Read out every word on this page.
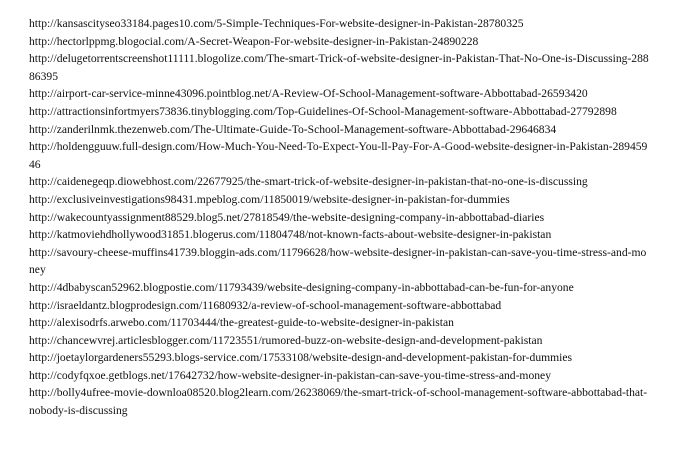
http://kansascityseo33184.pages10.com/5-Simple-Techniques-For-website-designer-in-Pakistan-28780325
http://hectorlppmg.blogocial.com/A-Secret-Weapon-For-website-designer-in-Pakistan-24890228
http://delugetorrentscreenshot11111.blogolize.com/The-smart-Trick-of-website-designer-in-Pakistan-That-No-One-is-Discussing-28886395
http://airport-car-service-minne43096.pointblog.net/A-Review-Of-School-Management-software-Abbottabad-26593420
http://attractionsinfortmyers73836.tinyblogging.com/Top-Guidelines-Of-School-Management-software-Abbottabad-27792898
http://zanderilnmk.thezenweb.com/The-Ultimate-Guide-To-School-Management-software-Abbottabad-29646834
http://holdengguuw.full-design.com/How-Much-You-Need-To-Expect-You-ll-Pay-For-A-Good-website-designer-in-Pakistan-28945946
http://caidenegeqp.diowebhost.com/22677925/the-smart-trick-of-website-designer-in-pakistan-that-no-one-is-discussing
http://exclusiveinvestigations98431.mpeblog.com/11850019/website-designer-in-pakistan-for-dummies
http://wakecountyassignment88529.blog5.net/27818549/the-website-designing-company-in-abbottabad-diaries
http://katmoviehdhollywood31851.blogerus.com/11804748/not-known-facts-about-website-designer-in-pakistan
http://savoury-cheese-muffins41739.bloggin-ads.com/11796628/how-website-designer-in-pakistan-can-save-you-time-stress-and-money
http://4dbabyscan52962.blogpostie.com/11793439/website-designing-company-in-abbottabad-can-be-fun-for-anyone
http://israeldantz.blogprodesign.com/11680932/a-review-of-school-management-software-abbottabad
http://alexisodrfs.arwebo.com/11703444/the-greatest-guide-to-website-designer-in-pakistan
http://chancewvrej.articlesblogger.com/11723551/rumored-buzz-on-website-design-and-development-pakistan
http://joetaylorgardeners55293.blogs-service.com/17533108/website-design-and-development-pakistan-for-dummies
http://codyfqxoe.getblogs.net/17642732/how-website-designer-in-pakistan-can-save-you-time-stress-and-money
http://bolly4ufree-movie-downloa08520.blog2learn.com/26238069/the-smart-trick-of-school-management-software-abbottabad-that-nobody-is-discussing
